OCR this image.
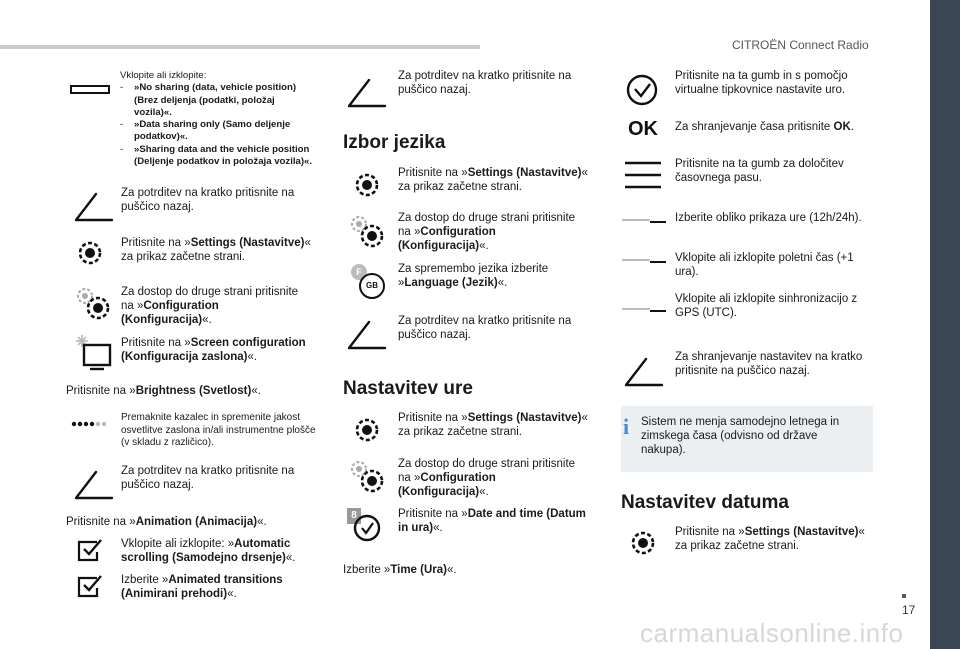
CITROËN Connect Radio
Vklopite ali izklopite:
-	»No sharing (data, vehicle position) (Brez deljenja (podatki, položaj vozila)«.
-	»Data sharing only (Samo deljenje podatkov)«.
-	»Sharing data and the vehicle position (Deljenje podatkov in položaja vozila)«.
Za potrditev na kratko pritisnite na puščico nazaj.
Pritisnite na »Settings (Nastavitve)« za prikaz začetne strani.
Za dostop do druge strani pritisnite na »Configuration (Konfiguracija)«.
Pritisnite na »Screen configuration (Konfiguracija zaslona)«.
Pritisnite na »Brightness (Svetlost)«.
Premaknite kazalec in spremenite jakost osvetlitve zaslona in/ali instrumentne plošče (v skladu z različico).
Za potrditev na kratko pritisnite na puščico nazaj.
Pritisnite na »Animation (Animacija)«.
Vklopite ali izklopite: »Automatic scrolling (Samodejno drsenje)«.
Izberite »Animated transitions (Animirani prehodi)«.
Za potrditev na kratko pritisnite na puščico nazaj.
Izbor jezika
Pritisnite na »Settings (Nastavitve)« za prikaz začetne strani.
Za dostop do druge strani pritisnite na »Configuration (Konfiguracija)«.
F
GB
Za spremembo jezika izberite »Language (Jezik)«.
Za potrditev na kratko pritisnite na puščico nazaj.
Nastavitev ure
Pritisnite na »Settings (Nastavitve)« za prikaz začetne strani.
Za dostop do druge strani pritisnite na »Configuration (Konfiguracija)«.
8	Pritisnite na »Date and time (Datum in ura)«.
Izberite »Time (Ura)«.
Pritisnite na ta gumb in s pomočjo virtualne tipkovnice nastavite uro.
OK Za shranjevanje časa pritisnite OK.
Pritisnite na ta gumb za določitev časovnega pasu.
Izberite obliko prikaza ure (12h/24h).
Vklopite ali izklopite poletni čas (+1 ura).
Vklopite ali izklopite sinhronizacijo z GPS (UTC).
Za shranjevanje nastavitev na kratko pritisnite na puščico nazaj.
i	Sistem ne menja samodejno letnega in zimskega časa (odvisno od države nakupa).
Nastavitev datuma
Pritisnite na »Settings (Nastavitve)« za prikaz začetne strani.
17
carmanualsonline.info
